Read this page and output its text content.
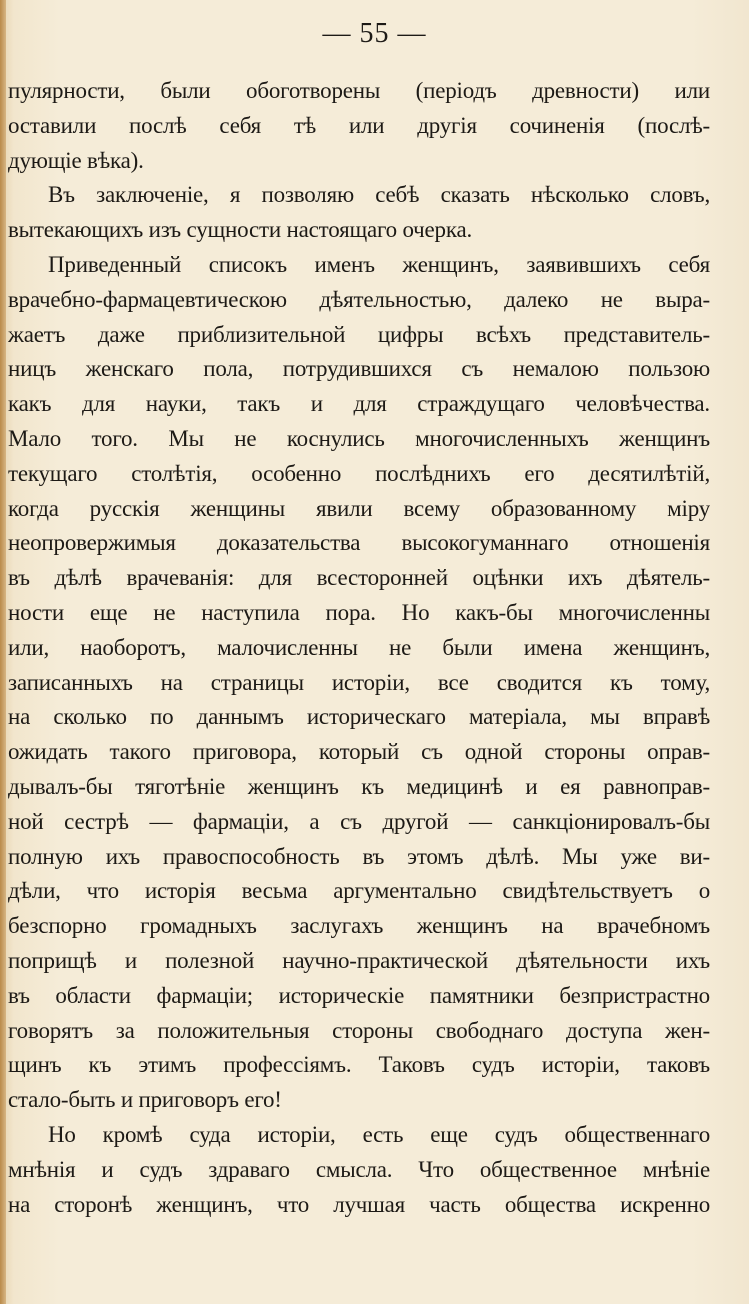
— 55 —
пулярности, были обоготворены (періодъ древности) или
оставили послѣ себя тѣ или другія сочиненія (послѣ-
дующіе вѣка).
Въ заключеніе, я позволяю себѣ сказать нѣсколько словъ,
вытекающихъ изъ сущности настоящаго очерка.
Приведенный списокъ именъ женщинъ, заявившихъ себя
врачебно-фармацевтическою дѣятельностью, далеко не выра-
жаетъ даже приблизительной цифры всѣхъ представитель-
ницъ женскаго пола, потрудившихся съ немалою пользою
какъ для науки, такъ и для страждущаго человѣчества.
Мало того. Мы не коснулись многочисленныхъ женщинъ
текущаго столѣтія, особенно послѣднихъ его десятилѣтій,
когда русскія женщины явили всему образованному міру
неопровержимыя доказательства высокогуманнаго отношенія
въ дѣлѣ врачеванія: для всесторонней оцѣнки ихъ дѣятель-
ности еще не наступила пора. Но какъ-бы многочисленны
или, наоборотъ, малочисленны не были имена женщинъ,
записанныхъ на страницы исторіи, все сводится къ тому,
на сколько по даннымъ историческаго матеріала, мы вправѣ
ожидать такого приговора, который съ одной стороны оправ-
дывалъ-бы тяготѣніе женщинъ къ медицинѣ и ея равноправ-
ной сестрѣ — фармаціи, а съ другой — санкціонировалъ-бы
полную ихъ правоспособность въ этомъ дѣлѣ. Мы уже ви-
дѣли, что исторія весьма аргументально свидѣтельствуетъ о
безспорно громадныхъ заслугахъ женщинъ на врачебномъ
поприщѣ и полезной научно-практической дѣятельности ихъ
въ области фармаціи; историческіе памятники безпристрастно
говорятъ за положительныя стороны свободнаго доступа жен-
щинъ къ этимъ профессіямъ. Таковъ судъ исторіи, таковъ
стало-быть и приговоръ его!
Но кромѣ суда исторіи, есть еще судъ общественнаго
мнѣнія и судъ здраваго смысла. Что общественное мнѣніе
на сторонѣ женщинъ, что лучшая часть общества искренно
